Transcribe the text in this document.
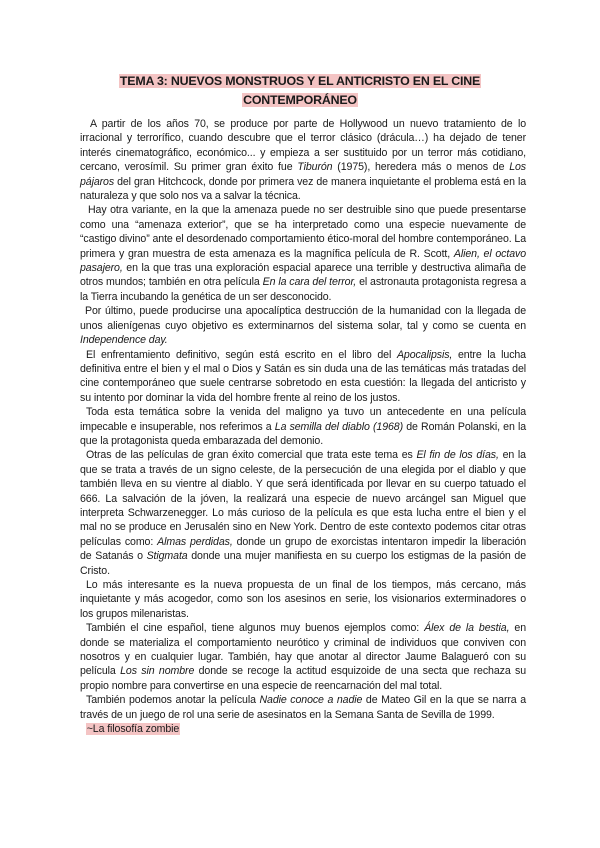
TEMA 3: NUEVOS MONSTRUOS Y EL ANTICRISTO EN EL CINE
CONTEMPORÁNEO

A partir de los años 70, se produce por parte de Hollywood un nuevo tratamiento de lo irracional y terrorífico, cuando descubre que el terror clásico (drácula…) ha dejado de tener interés cinematográfico, económico... y empieza a ser sustituido por un terror más cotidiano, cercano, verosímil. Su primer gran éxito fue Tiburón (1975), heredera más o menos de Los pájaros del gran Hitchcock, donde por primera vez de manera inquietante el problema está en la naturaleza y que solo nos va a salvar la técnica.

Hay otra variante, en la que la amenaza puede no ser destruible sino que puede presentarse como una “amenaza exterior”, que se ha interpretado como una especie nuevamente de “castigo divino” ante el desordenado comportamiento ético-moral del hombre contemporáneo. La primera y gran muestra de esta amenaza es la magnífica película de R. Scott, Alien, el octavo pasajero, en la que tras una exploración espacial aparece una terrible y destructiva alimaña de otros mundos; también en otra película En la cara del terror, el astronauta protagonista regresa a la Tierra incubando la genética de un ser desconocido.

Por último, puede producirse una apocalíptica destrucción de la humanidad con la llegada de unos alienígenas cuyo objetivo es exterminarnos del sistema solar, tal y como se cuenta en Independence day.

El enfrentamiento definitivo, según está escrito en el libro del Apocalipsis, entre la lucha definitiva entre el bien y el mal o Dios y Satán es sin duda una de las temáticas más tratadas del cine contemporáneo que suele centrarse sobretodo en esta cuestión: la llegada del anticristo y su intento por dominar la vida del hombre frente al reino de los justos.

Toda esta temática sobre la venida del maligno ya tuvo un antecedente en una película impecable e insuperable, nos referimos a La semilla del diablo (1968) de Román Polanski, en la que la protagonista queda embarazada del demonio.

Otras de las películas de gran éxito comercial que trata este tema es El fin de los días, en la que se trata a través de un signo celeste, de la persecución de una elegida por el diablo y que también lleva en su vientre al diablo. Y que será identificada por llevar en su cuerpo tatuado el 666. La salvación de la jóven, la realizará una especie de nuevo arcángel san Miguel que interpreta Schwarzenegger. Lo más curioso de la película es que esta lucha entre el bien y el mal no se produce en Jerusalén sino en New York. Dentro de este contexto podemos citar otras películas como: Almas perdidas, donde un grupo de exorcistas intentaron impedir la liberación de Satanás o Stigmata donde una mujer manifiesta en su cuerpo los estigmas de la pasión de Cristo.

Lo más interesante es la nueva propuesta de un final de los tiempos, más cercano, más inquietante y más acogedor, como son los asesinos en serie, los visionarios exterminadores o los grupos milenaristas.

También el cine español, tiene algunos muy buenos ejemplos como: Álex de la bestia, en donde se materializa el comportamiento neurótico y criminal de individuos que conviven con nosotros y en cualquier lugar. También, hay que anotar al director Jaume Balagueró con su película Los sin nombre donde se recoge la actitud esquizoide de una secta que rechaza su propio nombre para convertirse en una especie de reencarnación del mal total.

También podemos anotar la película Nadie conoce a nadie de Mateo Gil en la que se narra a través de un juego de rol una serie de asesinatos en la Semana Santa de Sevilla de 1999.

~La filosofía zombie
